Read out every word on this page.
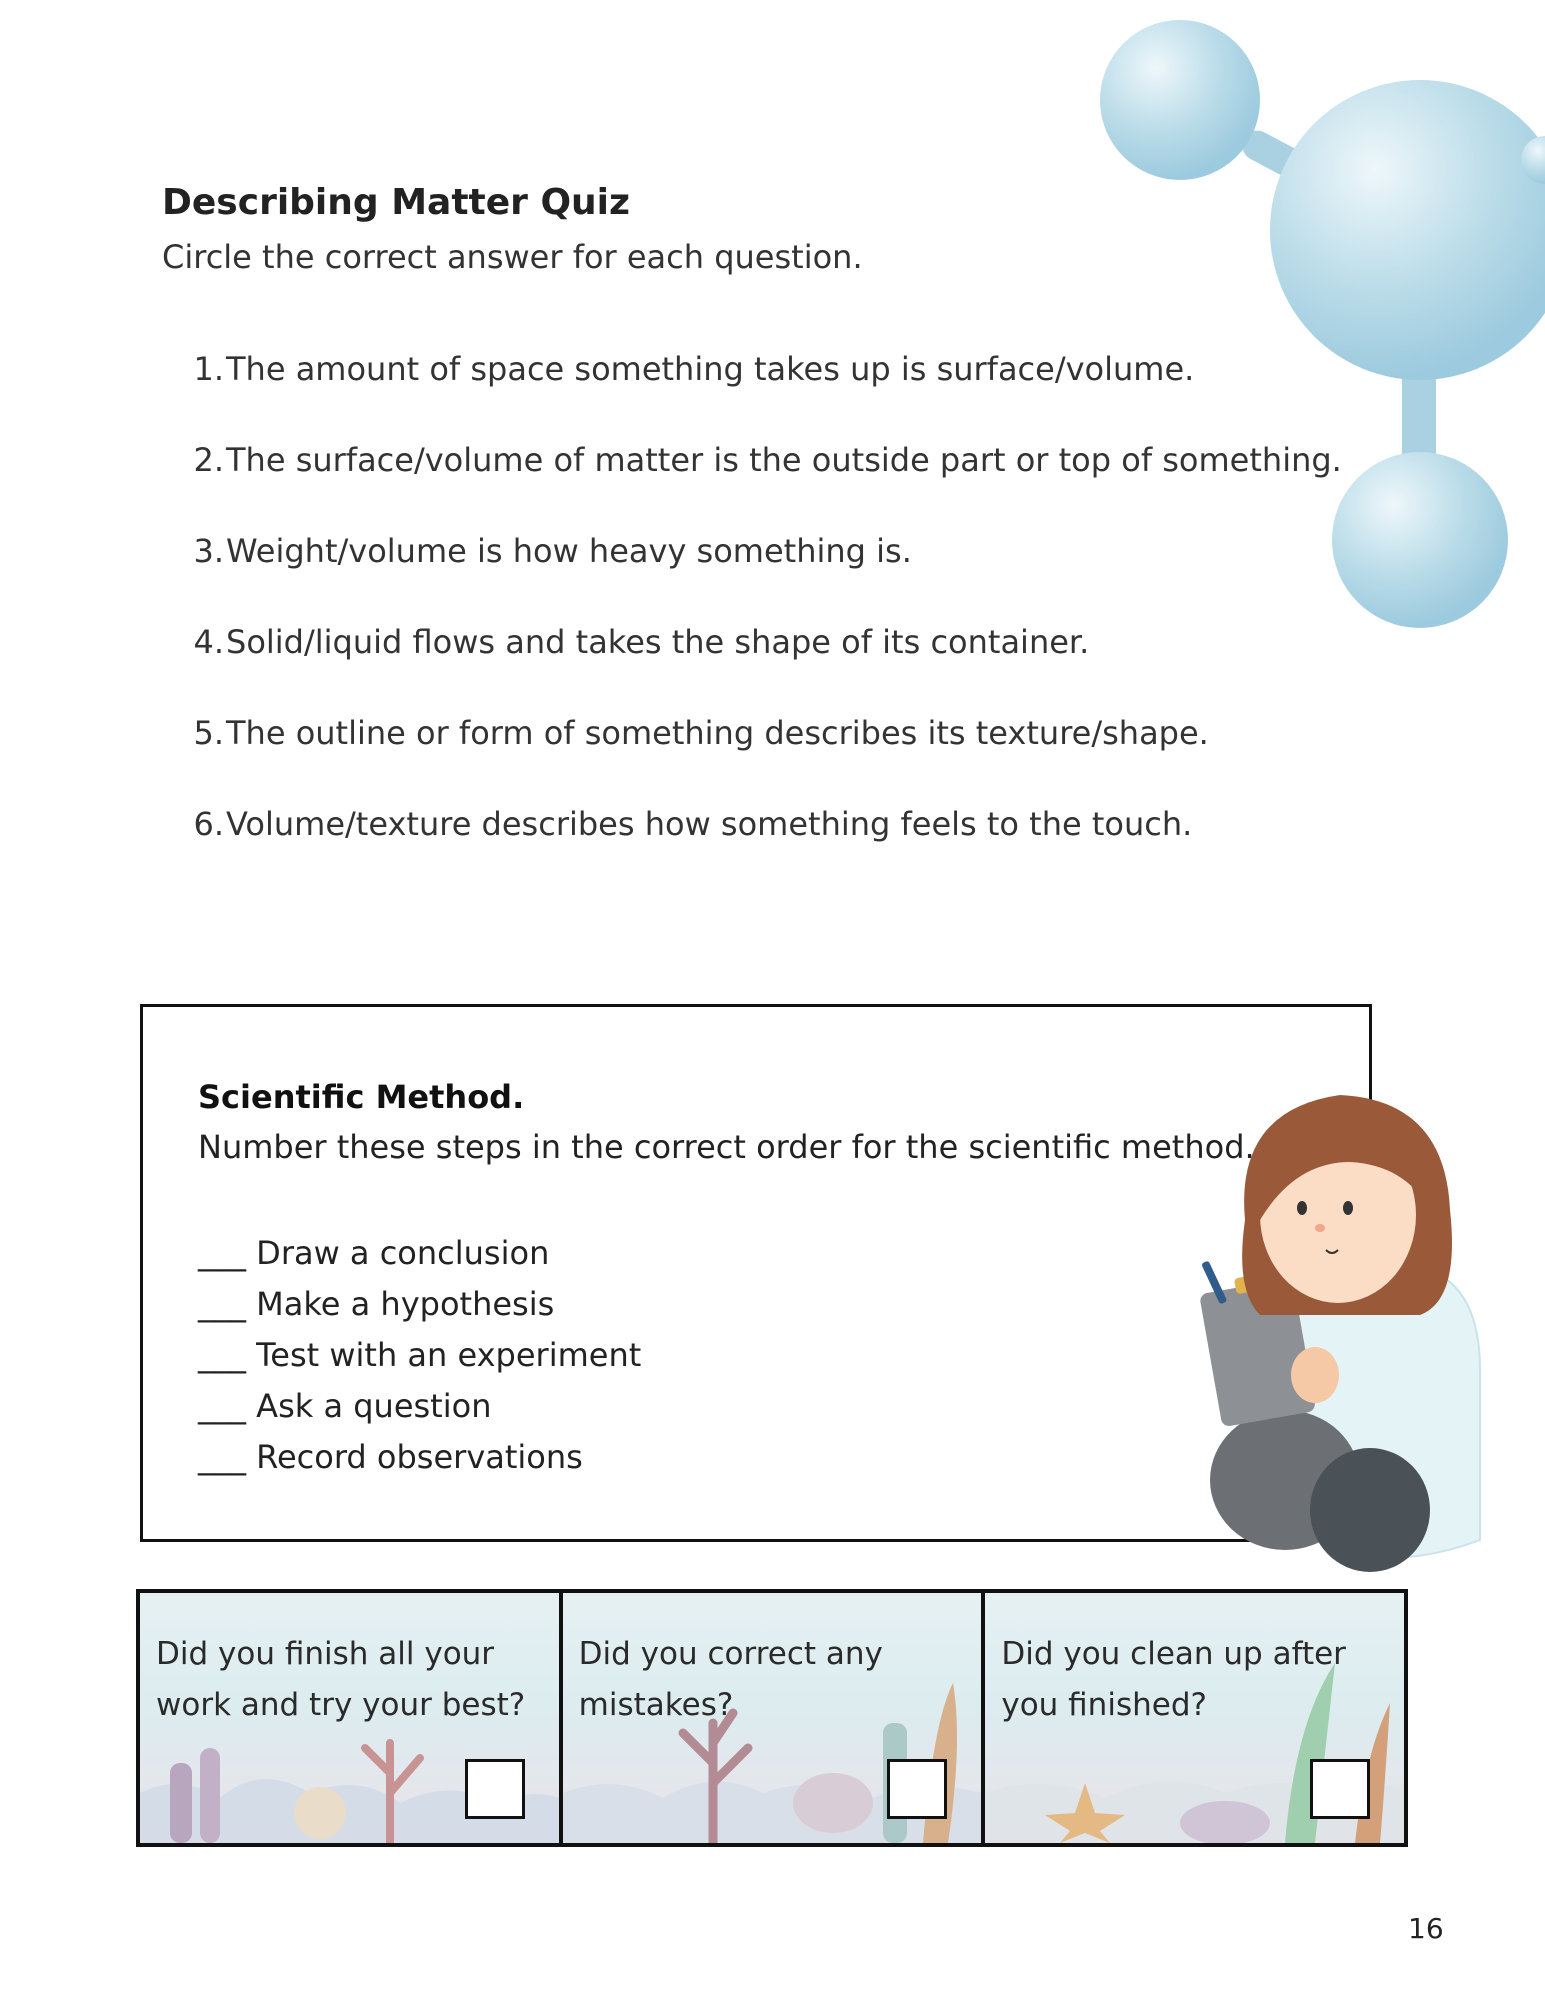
Describing Matter Quiz
Circle the correct answer for each question.
1. The amount of space something takes up is surface/volume.
2. The surface/volume of matter is the outside part or top of something.
3. Weight/volume is how heavy something is.
4. Solid/liquid flows and takes the shape of its container.
5. The outline or form of something describes its texture/shape.
6. Volume/texture describes how something feels to the touch.
Scientific Method.
Number these steps in the correct order for the scientific method.
___ Draw a conclusion
___ Make a hypothesis
___ Test with an experiment
___ Ask a question
___ Record observations
Did you finish all your work and try your best?
Did you correct any mistakes?
Did you clean up after you finished?
16
